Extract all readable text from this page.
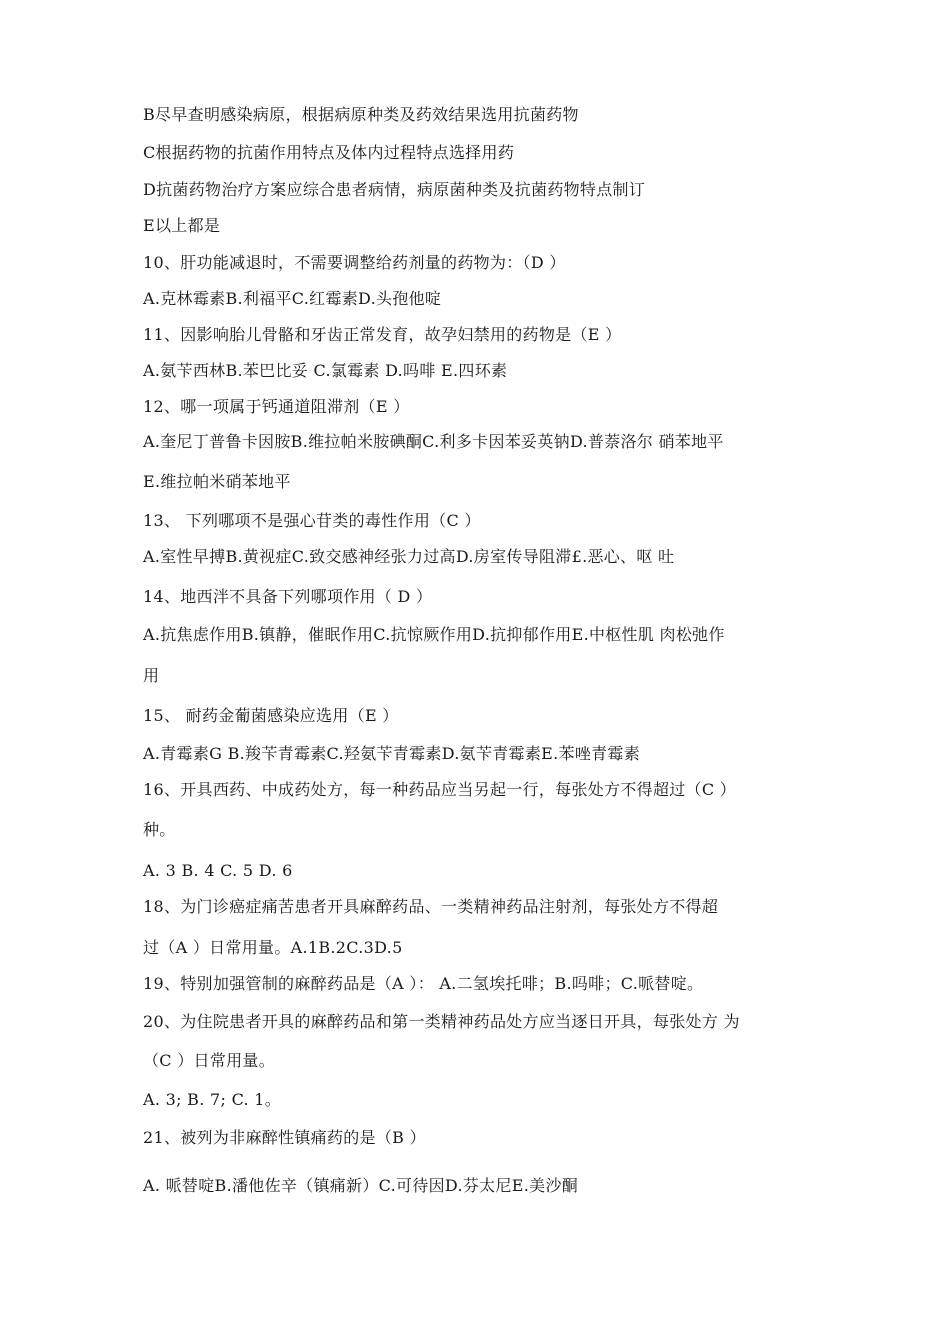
B尽早查明感染病原，根据病原种类及药效结果选用抗菌药物
C根据药物的抗菌作用特点及体内过程特点选择用药
D抗菌药物治疗方案应综合患者病情，病原菌种类及抗菌药物特点制订
E以上都是
10、肝功能减退时，不需要调整给药剂量的药物为：（D ）
A.克林霉素B.利福平C.红霉素D.头孢他啶
11、因影响胎儿骨骼和牙齿正常发育，故孕妇禁用的药物是（E ）
A.氨苄西林B.苯巴比妥 C.氯霉素 D.吗啡 E.四环素
12、哪一项属于钙通道阻滞剂（E ）
A.奎尼丁普鲁卡因胺B.维拉帕米胺碘酮C.利多卡因苯妥英钠D.普萘洛尔 硝苯地平
E.维拉帕米硝苯地平
13、 下列哪项不是强心苷类的毒性作用（C ）
A.室性早搏B.黄视症C.致交感神经张力过高D.房室传导阻滞£.恶心、呕 吐
14、地西泮不具备下列哪项作用（ D ）
A.抗焦虑作用B.镇静，催眠作用C.抗惊厥作用D.抗抑郁作用E.中枢性肌 肉松弛作
用
15、 耐药金葡菌感染应选用（E ）
A.青霉素G B.羧苄青霉素C.羟氨苄青霉素D.氨苄青霉素E.苯唑青霉素
16、开具西药、中成药处方，每一种药品应当另起一行，每张处方不得超过（C ）
种。
A. 3 B. 4 C. 5 D. 6
18、为门诊癌症痛苦患者开具麻醉药品、一类精神药品注射剂，每张处方不得超
过（A ）日常用量。A.1B.2C.3D.5
19、特别加强管制的麻醉药品是（A ）： A.二氢埃托啡；B.吗啡；C.哌替啶。
20、为住院患者开具的麻醉药品和第一类精神药品处方应当逐日开具，每张处方 为
（C ）日常用量。
A. 3; B. 7; C. 1。
21、被列为非麻醉性镇痛药的是（B ）
A. 哌替啶B.潘他佐辛（镇痛新）C.可待因D.芬太尼E.美沙酮
